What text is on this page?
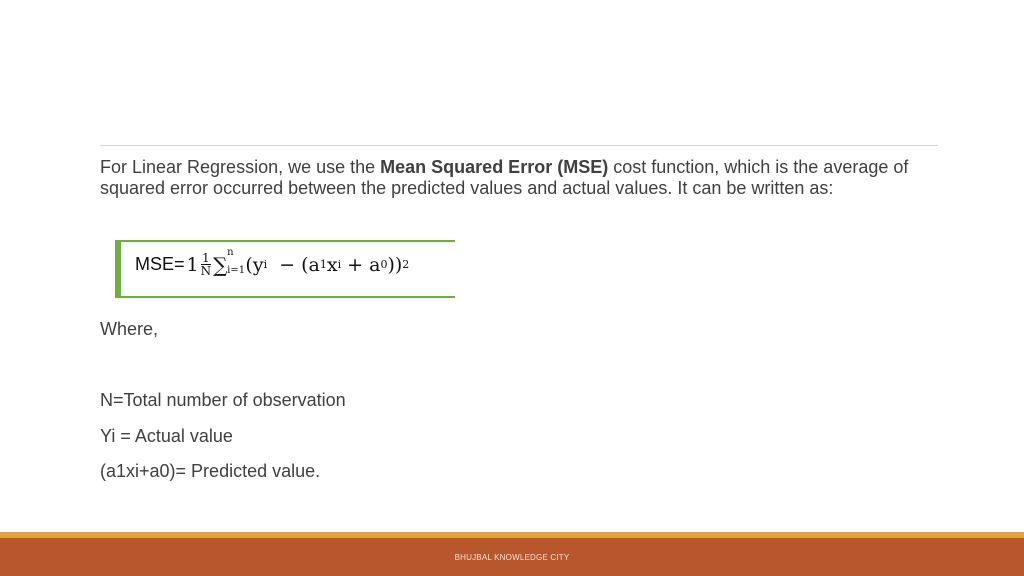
For Linear Regression, we use the Mean Squared Error (MSE) cost function, which is the average of squared error occurred between the predicted values and actual values. It can be written as:
$MSE= 1 \frac{1}{N}$ ∑
n
i=1 (y i − (a 1 x i + a 0 )) 2
Where,
N=Total number of observation
Yi = Actual value
(a1xi+a0)= Predicted value.
BHUJBAL KNOWLEDGE CITY
